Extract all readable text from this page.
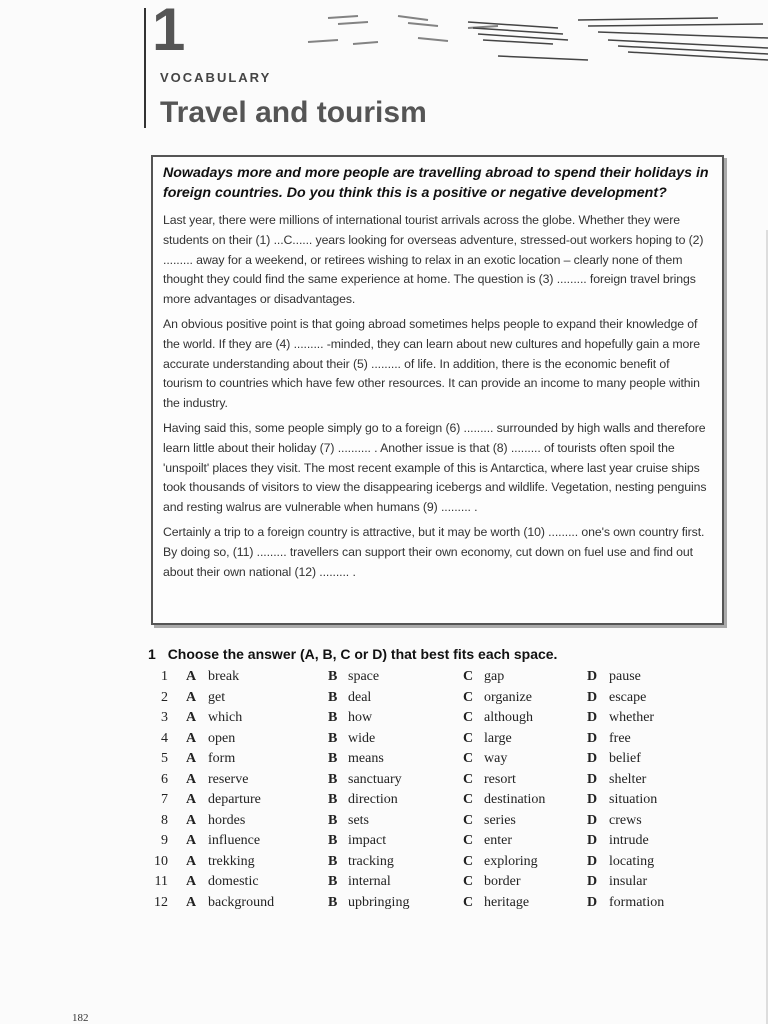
1
VOCABULARY
Travel and tourism

Nowadays more and more people are travelling abroad to spend their holidays in foreign countries. Do you think this is a positive or negative development?

Last year, there were millions of international tourist arrivals across the globe. Whether they were students on their (1) ...C...... years looking for overseas adventure, stressed-out workers hoping to (2) ......... away for a weekend, or retirees wishing to relax in an exotic location – clearly none of them thought they could find the same experience at home. The question is (3) ......... foreign travel brings more advantages or disadvantages.

An obvious positive point is that going abroad sometimes helps people to expand their knowledge of the world. If they are (4) ......... -minded, they can learn about new cultures and hopefully gain a more accurate understanding about their (5) ......... of life. In addition, there is the economic benefit of tourism to countries which have few other resources. It can provide an income to many people within the industry.

Having said this, some people simply go to a foreign (6) ......... surrounded by high walls and therefore learn little about their holiday (7) .......... . Another issue is that (8) ......... of tourists often spoil the 'unspoilt' places they visit. The most recent example of this is Antarctica, where last year cruise ships took thousands of visitors to view the disappearing icebergs and wildlife. Vegetation, nesting penguins and resting walrus are vulnerable when humans (9) ......... .

Certainly a trip to a foreign country is attractive, but it may be worth (10) ......... one's own country first. By doing so, (11) ......... travellers can support their own economy, cut down on fuel use and find out about their own national (12) ......... .

1 Choose the answer (A, B, C or D) that best fits each space.
1 A break	B space	C gap	D pause
2 A get	B deal	C organize	D escape
3 A which	B how	C although	D whether
4 A open	B wide	C large	D free
5 A form	B means	C way	D belief
6 A reserve	B sanctuary	C resort	D shelter
7 A departure	B direction	C destination	D situation
8 A hordes	B sets	C series	D crews
9 A influence	B impact	C enter	D intrude
10 A trekking	B tracking	C exploring	D locating
11 A domestic	B internal	C border	D insular
12 A background	B upbringing	C heritage	D formation
182
